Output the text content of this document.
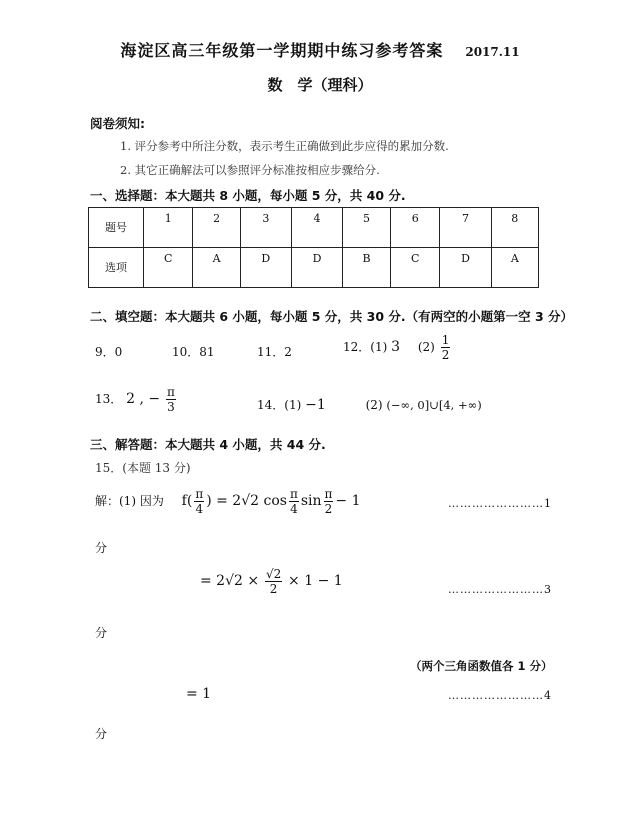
海淀区高三年级第一学期期中练习参考答案 2017.11
数　学（理科）
阅卷须知:
1. 评分参考中所注分数，表示考生正确做到此步应得的累加分数.
2. 其它正确解法可以参照评分标准按相应步骤给分.
一、选择题：本大题共 8 小题，每小题 5 分，共 40 分.
题号	1	2	3	4	5	6	7	8
选项	C	A	D	D	B	C	D	A
二、填空题：本大题共 6 小题，每小题 5 分，共 30 分.（有两空的小题第一空 3 分）
9．0	10．81	11．2	12．(1) 3 $(2) \frac{1}{2}$
13． 2 , − $\frac{\pi}{3}$	14．(1) −1	(2) (−∞, 0]∪[4, +∞)
三、解答题：本大题共 4 小题，共 44 分.
15．(本题 13 分)
解：(1) 因为 $f( \frac{\pi}{4}$ ) = 2√2 $\cos \frac{\pi}{4}$ $\sin \frac{\pi}{2} - 1$	……………………1
分
= $2√2 \times \frac{√2}{2} \times 1 - 1$
……………………3
分
（两个三角函数值各 1 分）
= 1	……………………4
分
